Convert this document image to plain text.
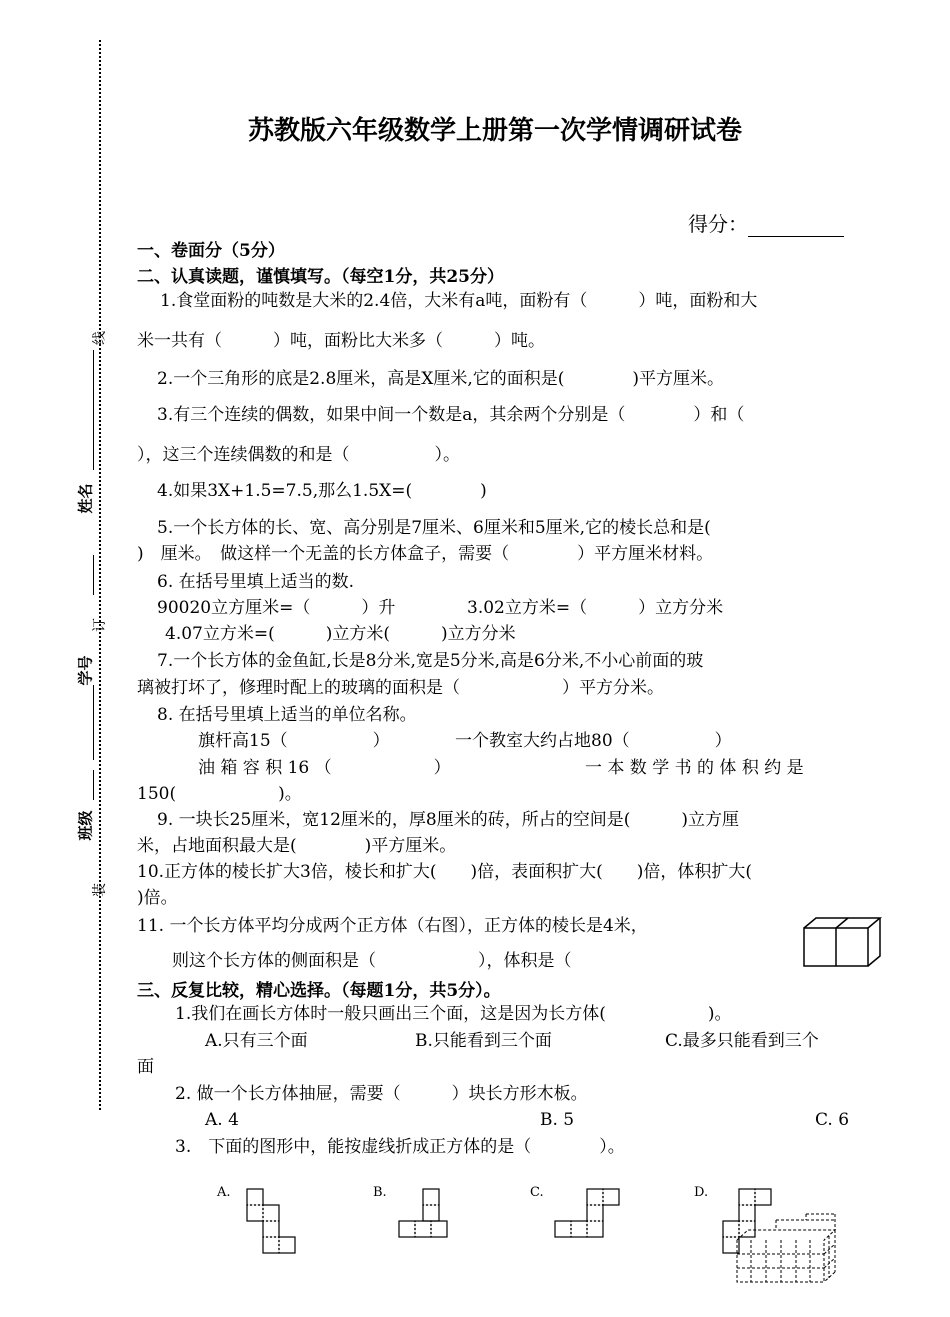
线
订
装
姓名
学号
班级
苏教版六年级数学上册第一次学情调研试卷
得分：
一、卷面分（5分）
二、认真读题，谨慎填写。（每空1分，共25分）
1.食堂面粉的吨数是大米的2.4倍，大米有a吨，面粉有（　　　）吨，面粉和大
米一共有（　　　）吨，面粉比大米多（　　　）吨。
2.一个三角形的底是2.8厘米，高是X厘米,它的面积是(　　　　)平方厘米。
3.有三个连续的偶数，如果中间一个数是a，其余两个分别是（　　　　）和（
），这三个连续偶数的和是（　　　　　）。
4.如果3X+1.5=7.5,那么1.5X=(　　　　)
5.一个长方体的长、宽、高分别是7厘米、6厘米和5厘米,它的棱长总和是(
)　厘米。　做这样一个无盖的长方体盒子，需要（　　　　）平方厘米材料。
6. 在括号里填上适当的数.
90020立方厘米=（　　　）升	3.02立方米=（　　　）立方分米
4.07立方米=(　　　)立方米(　　　)立方分米
7.一个长方体的金鱼缸,长是8分米,宽是5分米,高是6分米,不小心前面的玻
璃被打坏了，修理时配上的玻璃的面积是（　　　　　　）平方分米。
8. 在括号里填上适当的单位名称。
旗杆高15（　　　　　）	一个教室大约占地80（　　　　　）
油 箱 容 积 16 （　　　　　　）	一 本 数 学 书 的 体 积 约 是
150(　　　　　　)。
9. 一块长25厘米，宽12厘米的，厚8厘米的砖，所占的空间是(　　　)立方厘
米，占地面积最大是(　　　　)平方厘米。
10.正方体的棱长扩大3倍，棱长和扩大(　　)倍，表面积扩大(　　)倍，体积扩大(
)倍。
11. 一个长方体平均分成两个正方体（右图），正方体的棱长是4米，
则这个长方体的侧面积是（　　　　　　），体积是（
三、反复比较，精心选择。（每题1分，共5分）。
1.我们在画长方体时一般只画出三个面，这是因为长方体(　　　　　　)。
A.只有三个面	B.只能看到三个面	C.最多只能看到三个
面
2. 做一个长方体抽屉，需要（　　　）块长方形木板。
A. 4	B. 5	C. 6
3.　下面的图形中，能按虚线折成正方体的是（　　　　）。
A.	B.	C.	D.
